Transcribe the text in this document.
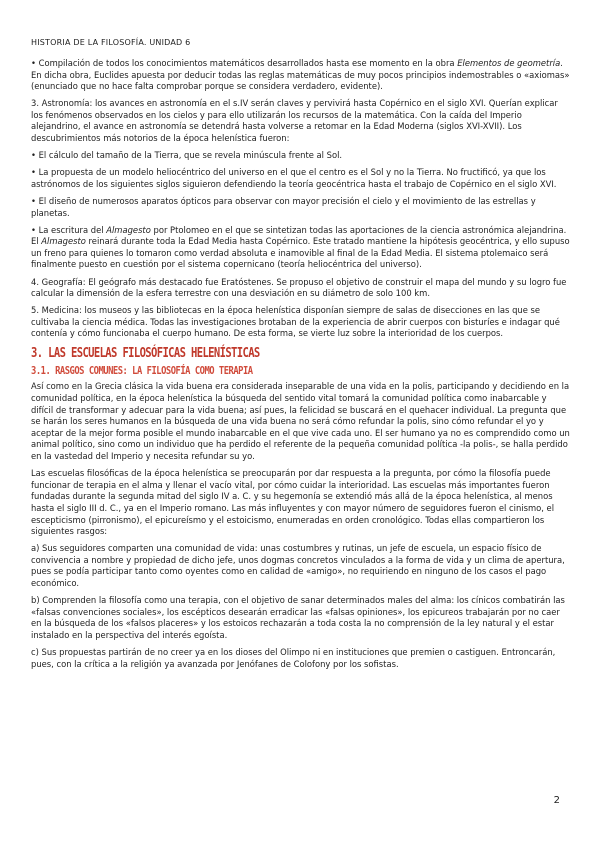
HISTORIA DE LA FILOSOFÍA. UNIDAD 6

• Compilación de todos los conocimientos matemáticos desarrollados hasta ese momento en la obra Elementos de geometría. En dicha obra, Euclides apuesta por deducir todas las reglas matemáticas de muy pocos principios indemostrables o «axiomas» (enunciado que no hace falta comprobar porque se considera verdadero, evidente).

3. Astronomía: los avances en astronomía en el s.IV serán claves y pervivirá hasta Copérnico en el siglo XVI. Querían explicar los fenómenos observados en los cielos y para ello utilizarán los recursos de la matemática. Con la caída del Imperio alejandrino, el avance en astronomía se detendrá hasta volverse a retomar en la Edad Moderna (siglos XVI-XVII). Los descubrimientos más notorios de la época helenística fueron:

• El cálculo del tamaño de la Tierra, que se revela minúscula frente al Sol.

• La propuesta de un modelo heliocéntrico del universo en el que el centro es el Sol y no la Tierra. No fructificó, ya que los astrónomos de los siguientes siglos siguieron defendiendo la teoría geocéntrica hasta el trabajo de Copérnico en el siglo XVI.

• El diseño de numerosos aparatos ópticos para observar con mayor precisión el cielo y el movimiento de las estrellas y planetas.

• La escritura del Almagesto por Ptolomeo en el que se sintetizan todas las aportaciones de la ciencia astronómica alejandrina. El Almagesto reinará durante toda la Edad Media hasta Copérnico. Este tratado mantiene la hipótesis geocéntrica, y ello supuso un freno para quienes lo tomaron como verdad absoluta e inamovible al final de la Edad Media. El sistema ptolemaico será finalmente puesto en cuestión por el sistema copernicano (teoría heliocéntrica del universo).

4. Geografía: El geógrafo más destacado fue Eratóstenes. Se propuso el objetivo de construir el mapa del mundo y su logro fue calcular la dimensión de la esfera terrestre con una desviación en su diámetro de solo 100 km.

5. Medicina: los museos y las bibliotecas en la época helenística disponían siempre de salas de disecciones en las que se cultivaba la ciencia médica. Todas las investigaciones brotaban de la experiencia de abrir cuerpos con bisturíes e indagar qué contenía y cómo funcionaba el cuerpo humano. De esta forma, se vierte luz sobre la interioridad de los cuerpos.

3. LAS ESCUELAS FILOSÓFICAS HELENÍSTICAS
3.1. RASGOS COMUNES: LA FILOSOFÍA COMO TERAPIA

Así como en la Grecia clásica la vida buena era considerada inseparable de una vida en la polis, participando y decidiendo en la comunidad política, en la época helenística la búsqueda del sentido vital tomará la comunidad política como inabarcable y difícil de transformar y adecuar para la vida buena; así pues, la felicidad se buscará en el quehacer individual. La pregunta que se harán los seres humanos en la búsqueda de una vida buena no será cómo refundar la polis, sino cómo refundar el yo y aceptar de la mejor forma posible el mundo inabarcable en el que vive cada uno. El ser humano ya no es comprendido como un animal político, sino como un individuo que ha perdido el referente de la pequeña comunidad política -la polis-, se halla perdido en la vastedad del Imperio y necesita refundar su yo.

Las escuelas filosóficas de la época helenística se preocuparán por dar respuesta a la pregunta, por cómo la filosofía puede funcionar de terapia en el alma y llenar el vacío vital, por cómo cuidar la interioridad. Las escuelas más importantes fueron fundadas durante la segunda mitad del siglo IV a. C. y su hegemonía se extendió más allá de la época helenística, al menos hasta el siglo III d. C., ya en el Imperio romano. Las más influyentes y con mayor número de seguidores fueron el cinismo, el escepticismo (pirronismo), el epicureísmo y el estoicismo, enumeradas en orden cronológico. Todas ellas compartieron los siguientes rasgos:

a) Sus seguidores comparten una comunidad de vida: unas costumbres y rutinas, un jefe de escuela, un espacio físico de convivencia a nombre y propiedad de dicho jefe, unos dogmas concretos vinculados a la forma de vida y un clima de apertura, pues se podía participar tanto como oyentes como en calidad de «amigo», no requiriendo en ninguno de los casos el pago económico.

b) Comprenden la filosofía como una terapia, con el objetivo de sanar determinados males del alma: los cínicos combatirán las «falsas convenciones sociales», los escépticos desearán erradicar las «falsas opiniones», los epicureos trabajarán por no caer en la búsqueda de los «falsos placeres» y los estoicos rechazarán a toda costa la no comprensión de la ley natural y el estar instalado en la perspectiva del interés egoísta.

c) Sus propuestas partirán de no creer ya en los dioses del Olimpo ni en instituciones que premien o castiguen. Entroncarán, pues, con la crítica a la religión ya avanzada por Jenófanes de Colofony por los sofistas.

2
